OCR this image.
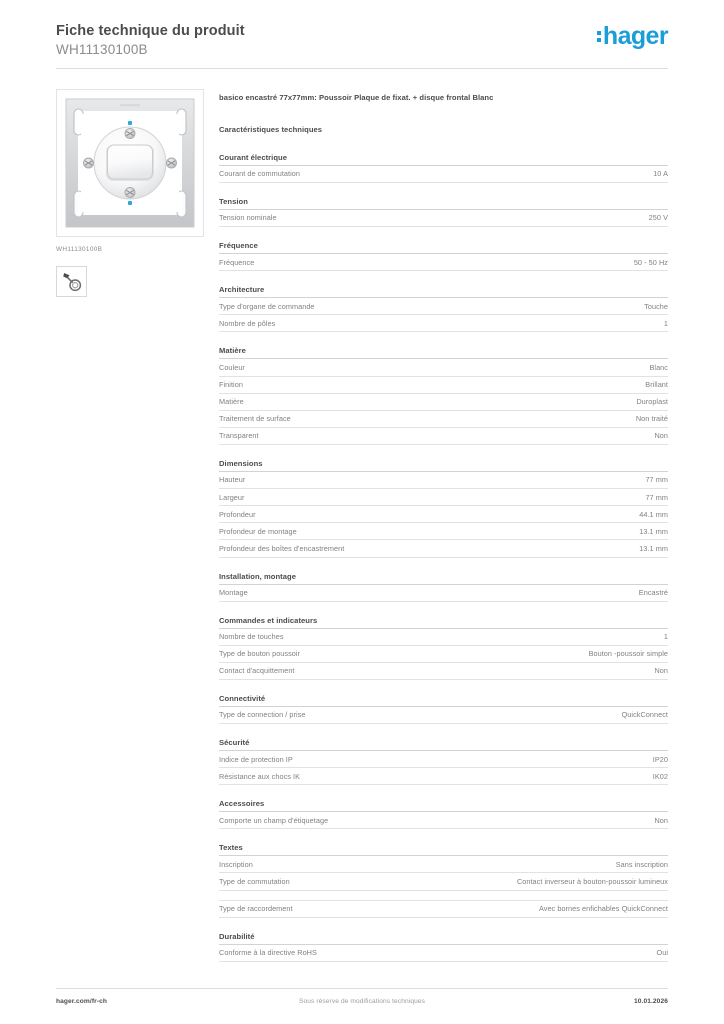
Fiche technique du produit
WH11130100B	hager
WH11130100B
basico encastré 77x77mm: Poussoir Plaque de fixat. + disque frontal Blanc
Caractéristiques techniques
Courant électrique
Courant de commutation	10 A
Tension
Tension nominale	250 V
Fréquence
Fréquence	50 - 50 Hz
Architecture
Type d'organe de commande	Touche
Nombre de pôles	1
Matière
Couleur	Blanc
Finition	Brillant
Matière	Duroplast
Traitement de surface	Non traité
Transparent	Non
Dimensions
Hauteur	77 mm
Largeur	77 mm
Profondeur	44.1 mm
Profondeur de montage	13.1 mm
Profondeur des boîtes d'encastrement	13.1 mm
Installation, montage
Montage	Encastré
Commandes et indicateurs
Nombre de touches	1
Type de bouton poussoir	Bouton -poussoir simple
Contact d'acquittement	Non
Connectivité
Type de connection / prise	QuickConnect
Sécurité
Indice de protection IP	IP20
Résistance aux chocs IK	IK02
Accessoires
Comporte un champ d'étiquetage	Non
Textes
Inscription	Sans inscription
Type de commutation	Contact inverseur à bouton-poussoir lumineux
Type de raccordement	Avec bornes enfichables QuickConnect
Durabilité
Conforme à la directive RoHS	Oui
hager.com/fr-ch	Sous réserve de modifications techniques	10.01.2026
